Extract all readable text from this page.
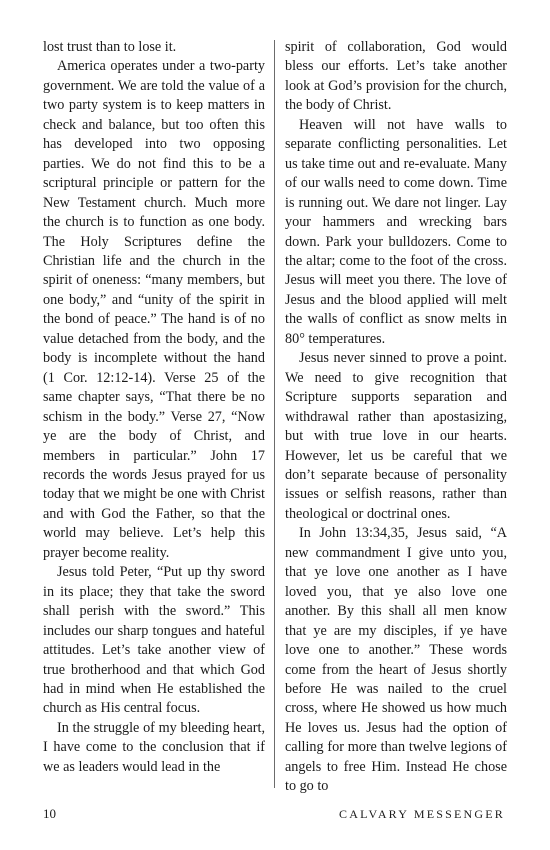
lost trust than to lose it.

America operates under a two-party government. We are told the value of a two party system is to keep matters in check and balance, but too often this has developed into two opposing parties. We do not find this to be a scriptural principle or pattern for the New Testament church. Much more the church is to function as one body. The Holy Scriptures define the Christian life and the church in the spirit of oneness: “many members, but one body,” and “unity of the spirit in the bond of peace.” The hand is of no value detached from the body, and the body is incomplete without the hand (1 Cor. 12:12-14). Verse 25 of the same chapter says, “That there be no schism in the body.” Verse 27, “Now ye are the body of Christ, and members in particular.” John 17 records the words Jesus prayed for us today that we might be one with Christ and with God the Father, so that the world may believe. Let’s help this prayer become reality.

Jesus told Peter, “Put up thy sword in its place; they that take the sword shall perish with the sword.” This includes our sharp tongues and hateful attitudes. Let’s take another view of true brotherhood and that which God had in mind when He established the church as His central focus.

In the struggle of my bleeding heart, I have come to the conclusion that if we as leaders would lead in the

spirit of collaboration, God would bless our efforts. Let’s take another look at God’s provision for the church, the body of Christ.

Heaven will not have walls to separate conflicting personalities. Let us take time out and re-evaluate. Many of our walls need to come down. Time is running out. We dare not linger. Lay your hammers and wrecking bars down. Park your bulldozers. Come to the altar; come to the foot of the cross. Jesus will meet you there. The love of Jesus and the blood applied will melt the walls of conflict as snow melts in 80° temperatures.

Jesus never sinned to prove a point. We need to give recognition that Scripture supports separation and withdrawal rather than apostasizing, but with true love in our hearts. However, let us be careful that we don’t separate because of personality issues or selfish reasons, rather than theological or doctrinal ones.

In John 13:34,35, Jesus said, “A new commandment I give unto you, that ye love one another as I have loved you, that ye also love one another. By this shall all men know that ye are my disciples, if ye have love one to another.” These words come from the heart of Jesus shortly before He was nailed to the cruel cross, where He showed us how much He loves us. Jesus had the option of calling for more than twelve legions of angels to free Him. Instead He chose to go to

10	CALVARY MESSENGER
